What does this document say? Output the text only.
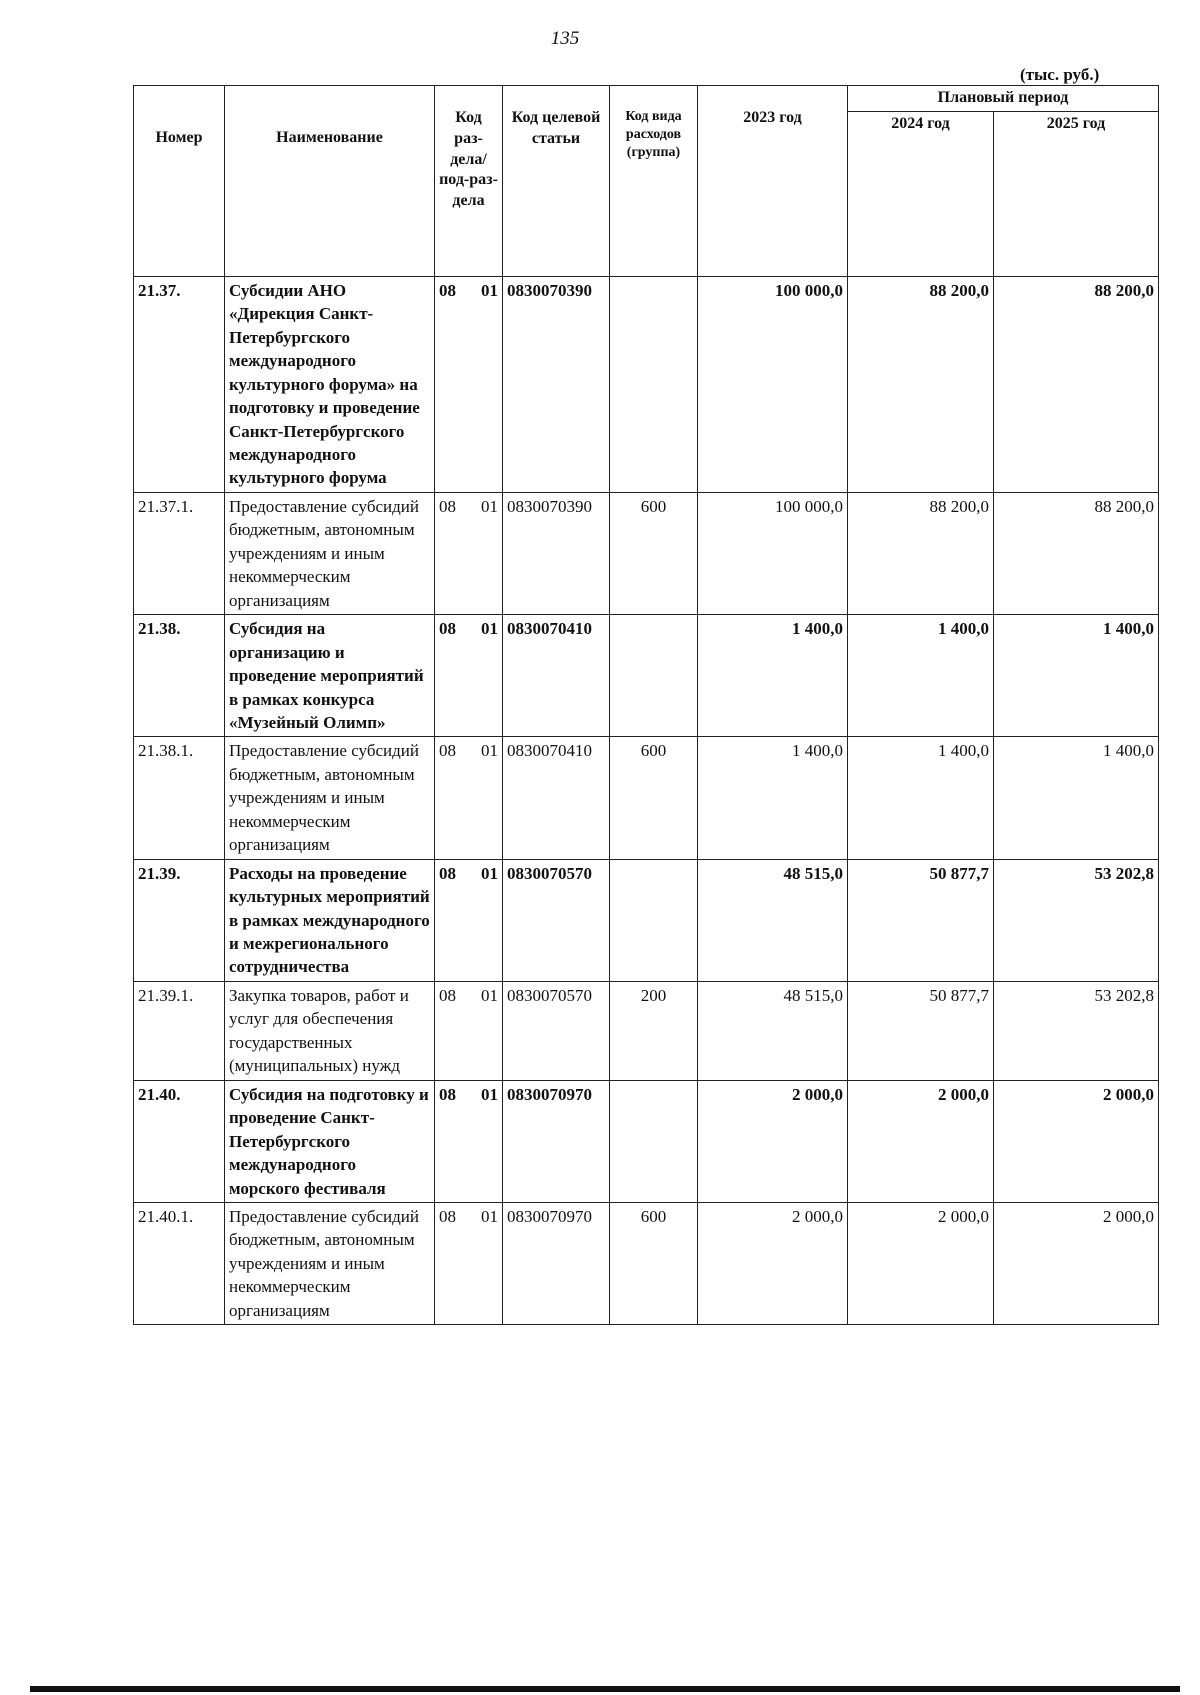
135
(тыс. руб.)
Номер	Наименование	Код раз-дела/ под-раз-дела	Код целевой статьи	Код вида расходов (группа)	2023 год	Плановый период	
						2024 год	2025 год
21.37.	Субсидии АНО «Дирекция Санкт-Петербургского международного культурного форума» на подготовку и проведение Санкт-Петербургского международного культурного форума	08 01	0830070390		100 000,0	88 200,0	88 200,0
21.37.1.	Предоставление субсидий бюджетным, автономным учреждениям и иным некоммерческим организациям	08 01	0830070390	600	100 000,0	88 200,0	88 200,0
21.38.	Субсидия на организацию и проведение мероприятий в рамках конкурса «Музейный Олимп»	08 01	0830070410		1 400,0	1 400,0	1 400,0
21.38.1.	Предоставление субсидий бюджетным, автономным учреждениям и иным некоммерческим организациям	08 01	0830070410	600	1 400,0	1 400,0	1 400,0
21.39.	Расходы на проведение культурных мероприятий в рамках международного и межрегионального сотрудничества	08 01	0830070570		48 515,0	50 877,7	53 202,8
21.39.1.	Закупка товаров, работ и услуг для обеспечения государственных (муниципальных) нужд	08 01	0830070570	200	48 515,0	50 877,7	53 202,8
21.40.	Субсидия на подготовку и проведение Санкт-Петербургского международного морского фестиваля	08 01	0830070970		2 000,0	2 000,0	2 000,0
21.40.1.	Предоставление субсидий бюджетным, автономным учреждениям и иным некоммерческим организациям	08 01	0830070970	600	2 000,0	2 000,0	2 000,0
